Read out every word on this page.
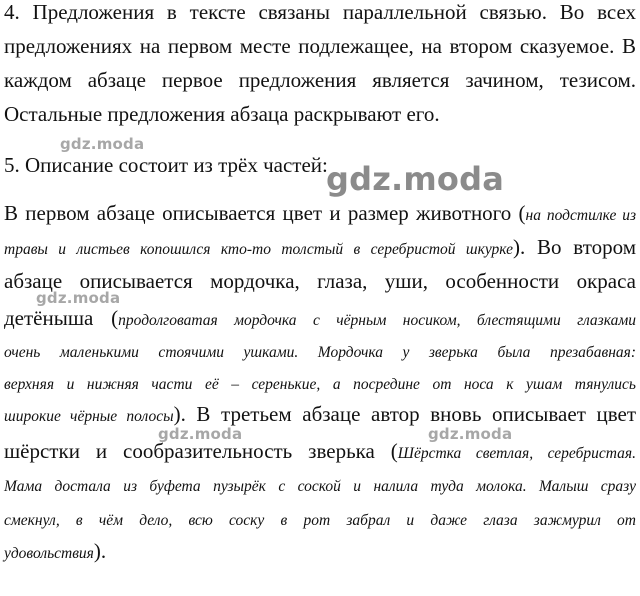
4. Предложения в тексте связаны параллельной связью. Во всех
предложениях на первом месте подлежащее, на втором сказуемое. В
каждом абзаце первое предложения является зачином, тезисом.
Остальные предложения абзаца раскрывают его.
5. Описание состоит из трёх частей:
В первом абзаце описывается цвет и размер животного (на подстилке из
травы и листьев копошился кто-то толстый в серебристой шкурке). Во втором
абзаце описывается мордочка, глаза, уши, особенности окраса
детёныша (продолговатая мордочка с чёрным носиком, блестящими глазками
очень маленькими стоячими ушками. Мордочка у зверька была презабавная:
верхняя и нижняя части её – серенькие, а посредине от носа к ушам тянулись
широкие чёрные полосы). В третьем абзаце автор вновь описывает цвет
шёрстки и сообразительность зверька (Шёрстка светлая, серебристая.
Мама достала из буфета пузырёк с соской и налила туда молока. Малыш сразу
смекнул, в чём дело, всю соску в рот забрал и даже глаза зажмурил от
удовольствия).
gdz.moda
gdz.moda
gdz.moda
gdz.moda	gdz.moda
